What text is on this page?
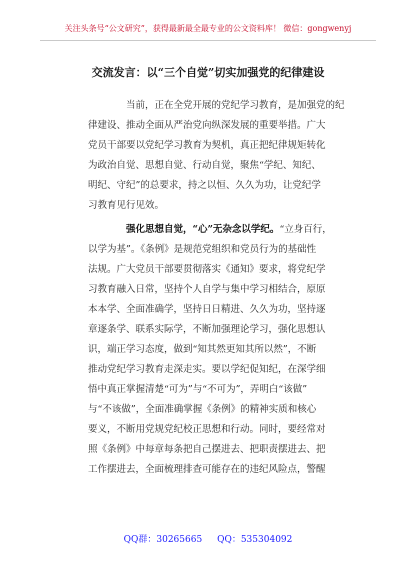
关注头条号“公文研究”，获得最新最全最专业的公文资料库！ 微信：gongwenyj
交流发言：以“三个自觉”切实加强党的纪律建设
当前，正在全党开展的党纪学习教育，是加强党的纪
律建设、推动全面从严治党向纵深发展的重要举措。广大
党员干部要以党纪学习教育为契机，真正把纪律规矩转化
为政治自觉、思想自觉、行动自觉，聚焦“学纪、知纪、
明纪、守纪”的总要求，持之以恒、久久为功，让党纪学
习教育见行见效。
强化思想自觉，“心”无杂念以学纪。“立身百行，
以学为基”。《条例》是规范党组织和党员行为的基础性
法规。广大党员干部要贯彻落实《通知》要求，将党纪学
习教育融入日常，坚持个人自学与集中学习相结合，原原
本本学、全面准确学，坚持日日精进、久久为功，坚持逐
章逐条学、联系实际学，不断加强理论学习，强化思想认
识，端正学习态度，做到“知其然更知其所以然”，不断
推动党纪学习教育走深走实。要以学纪促知纪，在深学细
悟中真正掌握清楚“可为”与“不可为”，弄明白“该做”
与“不该做”，全面准确掌握《条例》的精神实质和核心
要义，不断用党规党纪校正思想和行动。同时，要经常对
照《条例》中每章每条把自己摆进去、把职责摆进去、把
工作摆进去，全面梳理排查可能存在的违纪风险点，警醒
QQ群：30265665 QQ：535304092
